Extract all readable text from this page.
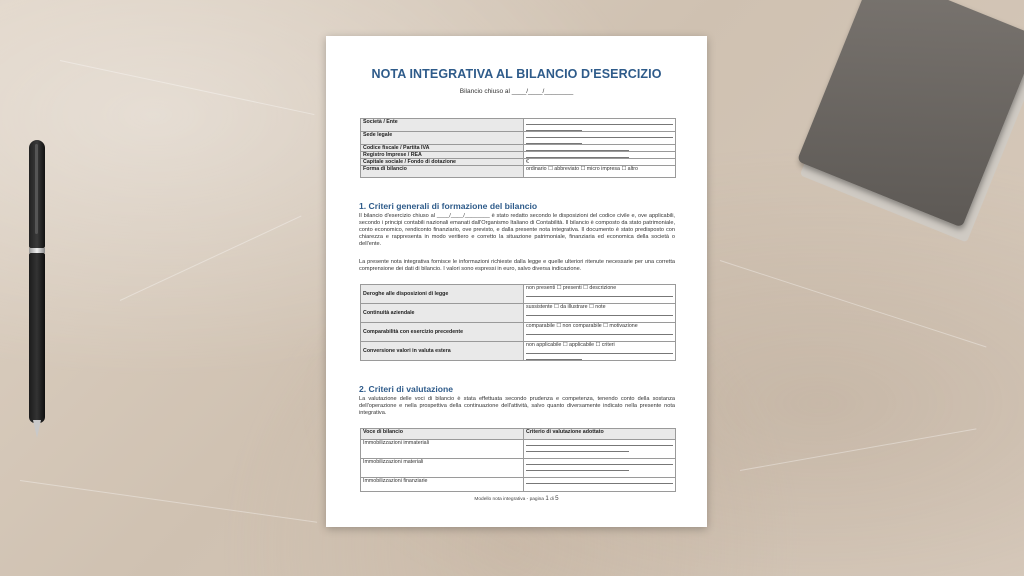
NOTA INTEGRATIVA AL BILANCIO D'ESERCIZIO
Bilancio chiuso al ____/____/________
Società / Ente	

Sede legale	

Codice fiscale / Partita IVA	

Registro Imprese / REA	

Capitale sociale / Fondo di dotazione	€
Forma di bilancio	ordinario ☐ abbreviato ☐ micro impresa ☐ altro
1. Criteri generali di formazione del bilancio
Il bilancio d'esercizio chiuso al ____/____/________ è stato redatto secondo le disposizioni del codice civile e, ove applicabili, secondo i principi contabili nazionali emanati dall'Organismo Italiano di Contabilità. Il bilancio è composto da stato patrimoniale, conto economico, rendiconto finanziario, ove previsto, e dalla presente nota integrativa. Il documento è stato predisposto con chiarezza e rappresenta in modo veritiero e corretto la situazione patrimoniale, finanziaria ed economica della società o dell'ente.
La presente nota integrativa fornisce le informazioni richieste dalla legge e quelle ulteriori ritenute necessarie per una corretta comprensione dei dati di bilancio. I valori sono espressi in euro, salvo diversa indicazione.
Deroghe alle disposizioni di legge	non presenti ☐ presenti ☐ descrizione

Continuità aziendale	sussistente ☐ da illustrare ☐ note

Comparabilità con esercizio precedente	comparabile ☐ non comparabile ☐ motivazione

Conversione valori in valuta estera	non applicabile ☐ applicabile ☐ criteri
2. Criteri di valutazione
La valutazione delle voci di bilancio è stata effettuata secondo prudenza e competenza, tenendo conto della sostanza dell'operazione e nella prospettiva della continuazione dell'attività, salvo quanto diversamente indicato nella presente nota integrativa.
Voce di bilancio	Criterio di valutazione adottato
Immobilizzazioni immateriali	

Immobilizzazioni materiali	

Immobilizzazioni finanziarie	
Modello nota integrativa - pagina 1 di 5
